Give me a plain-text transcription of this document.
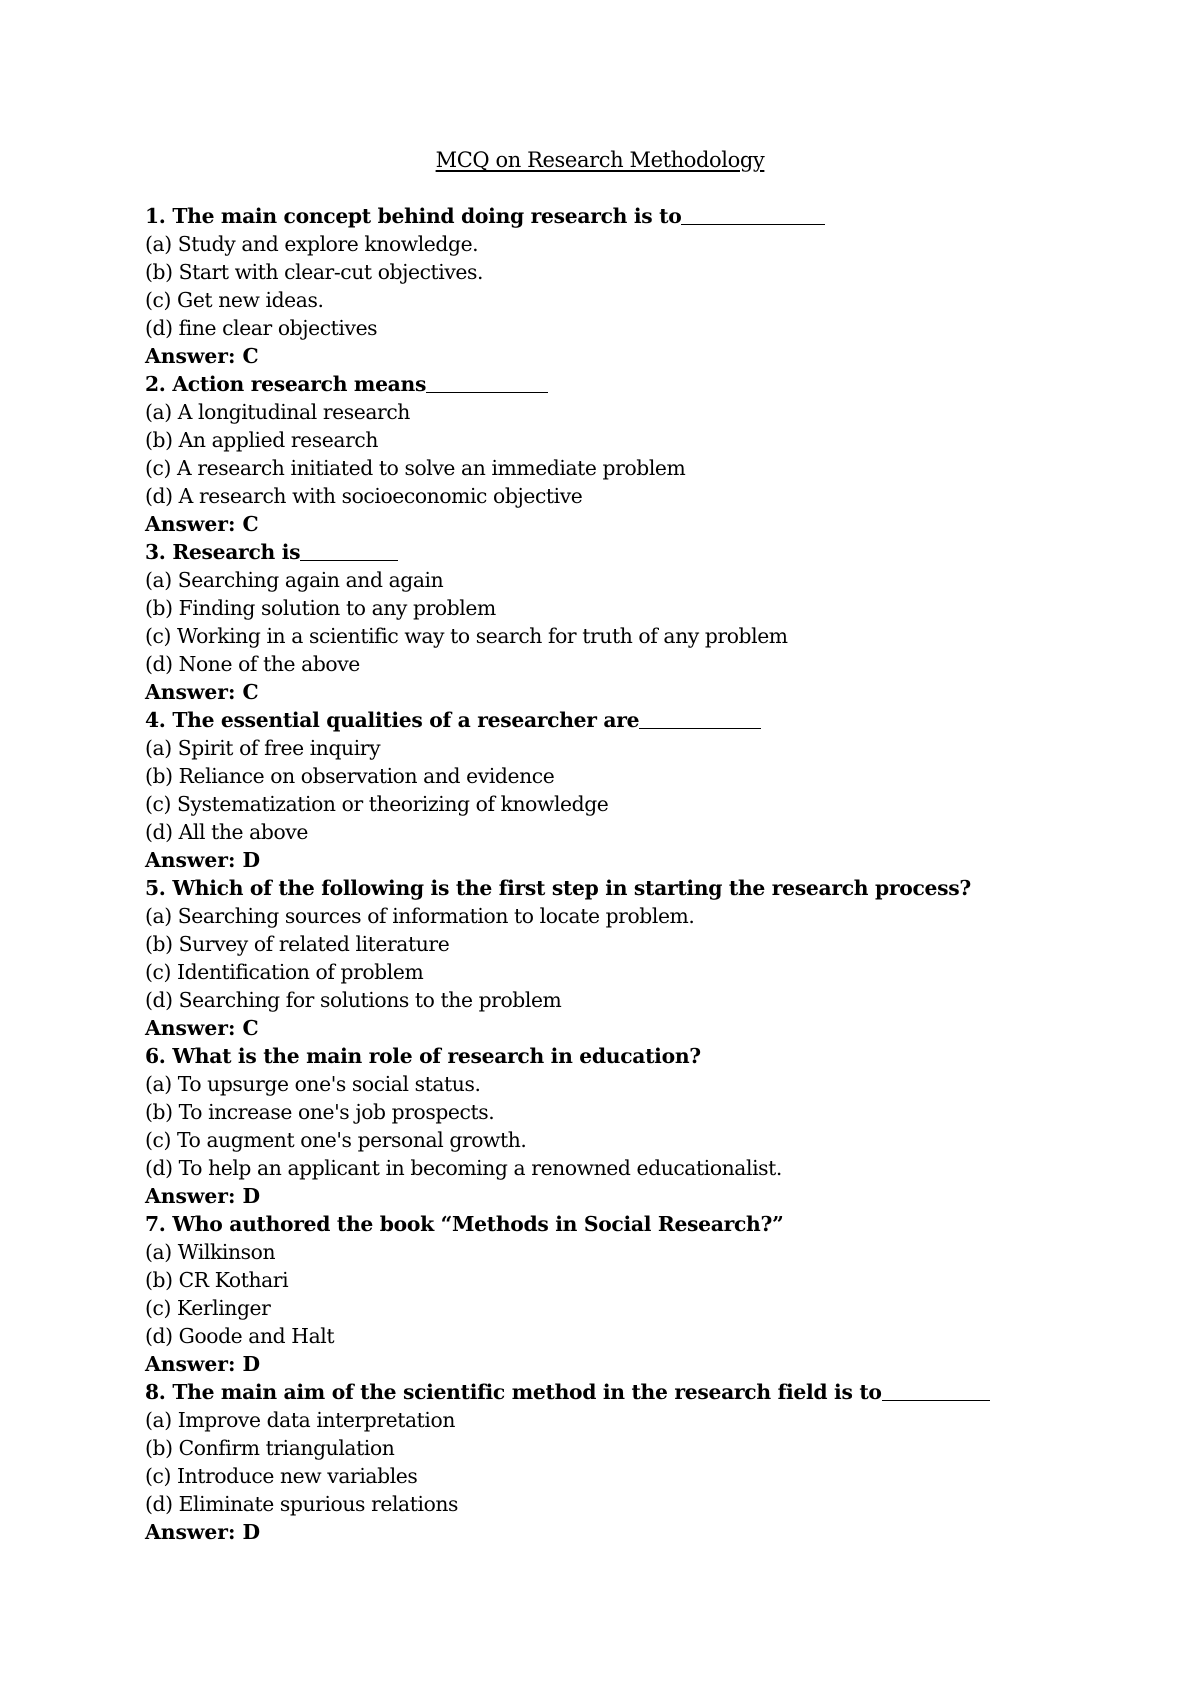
MCQ on Research Methodology
1. The main concept behind doing research is to
(a) Study and explore knowledge.
(b) Start with clear-cut objectives.
(c) Get new ideas.
(d) fine clear objectives
Answer: C
2. Action research means
(a) A longitudinal research
(b) An applied research
(c) A research initiated to solve an immediate problem
(d) A research with socioeconomic objective
Answer: C
3. Research is
(a) Searching again and again
(b) Finding solution to any problem
(c) Working in a scientific way to search for truth of any problem
(d) None of the above
Answer: C
4. The essential qualities of a researcher are
(a) Spirit of free inquiry
(b) Reliance on observation and evidence
(c) Systematization or theorizing of knowledge
(d) All the above
Answer: D
5. Which of the following is the first step in starting the research process?
(a) Searching sources of information to locate problem.
(b) Survey of related literature
(c) Identification of problem
(d) Searching for solutions to the problem
Answer: C
6. What is the main role of research in education?
(a) To upsurge one's social status.
(b) To increase one's job prospects.
(c) To augment one's personal growth.
(d) To help an applicant in becoming a renowned educationalist.
Answer: D
7. Who authored the book “Methods in Social Research?”
(a) Wilkinson
(b) CR Kothari
(c) Kerlinger
(d) Goode and Halt
Answer: D
8. The main aim of the scientific method in the research field is to
(a) Improve data interpretation
(b) Confirm triangulation
(c) Introduce new variables
(d) Eliminate spurious relations
Answer: D
